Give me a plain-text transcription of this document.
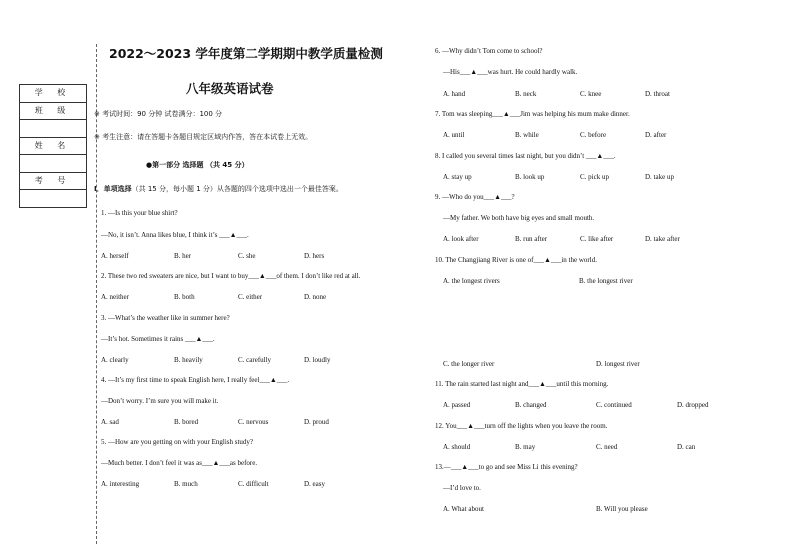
学 校
班 级
姓 名
考 号
2022～2023 学年度第二学期期中教学质量检测
八年级英语试卷
※ 考试时间：90 分钟 试卷满分：100 分
※ 考生注意：请在答题卡各题目规定区域内作答，答在本试卷上无效。
●第一部分 选择题 （共 45 分）
Ⅰ．单项选择（共 15 分，每小题 1 分）从各题的四个选项中选出一个最佳答案。
1. —Is this your blue shirt?
—No, it isn’t. Anna likes blue, I think it’s ___▲___.
A. herself	B. her	C. she	D. hers
2. These two red sweaters are nice, but I want to buy___▲___of them. I don’t like red at all.
A. neither	B. both	C. either	D. none
3. —What’s the weather like in summer here?
—It’s hot. Sometimes it rains ___▲___.
A. clearly	B. heavily	C. carefully	D. loudly
4. —It’s my first time to speak English here, I really feel___▲___.
—Don’t worry. I’m sure you will make it.
A. sad	B. bored	C. nervous	D. proud
5. —How are you getting on with your English study?
—Much better. I don’t feel it was as___▲___as before.
A. interesting	B. much	C. difficult	D. easy
6. —Why didn’t Tom come to school?
—His___▲___was hurt. He could hardly walk.
A. hand	B. neck	C. knee	D. throat
7. Tom was sleeping___▲___Jim was helping his mum make dinner.
A. until	B. while	C. before	D. after
8. I called you several times last night, but you didn’t ___▲___.
A. stay up	B. look up	C. pick up	D. take up
9. —Who do you___▲___?
—My father. We both have big eyes and small mouth.
A. look after	B. run after	C. like after	D. take after
10. The Changjiang River is one of___▲___in the world.
A. the longest rivers	B. the longest river
C. the longer river	D. longest river
11. The rain started last night and___▲___until this morning.
A. passed	B. changed	C. continued	D. dropped
12. You___▲___turn off the lights when you leave the room.
A. should	B. may	C. need	D. can
13.—___▲___to go and see Miss Li this evening?
—I’d love to.
A. What about	B. Will you please
